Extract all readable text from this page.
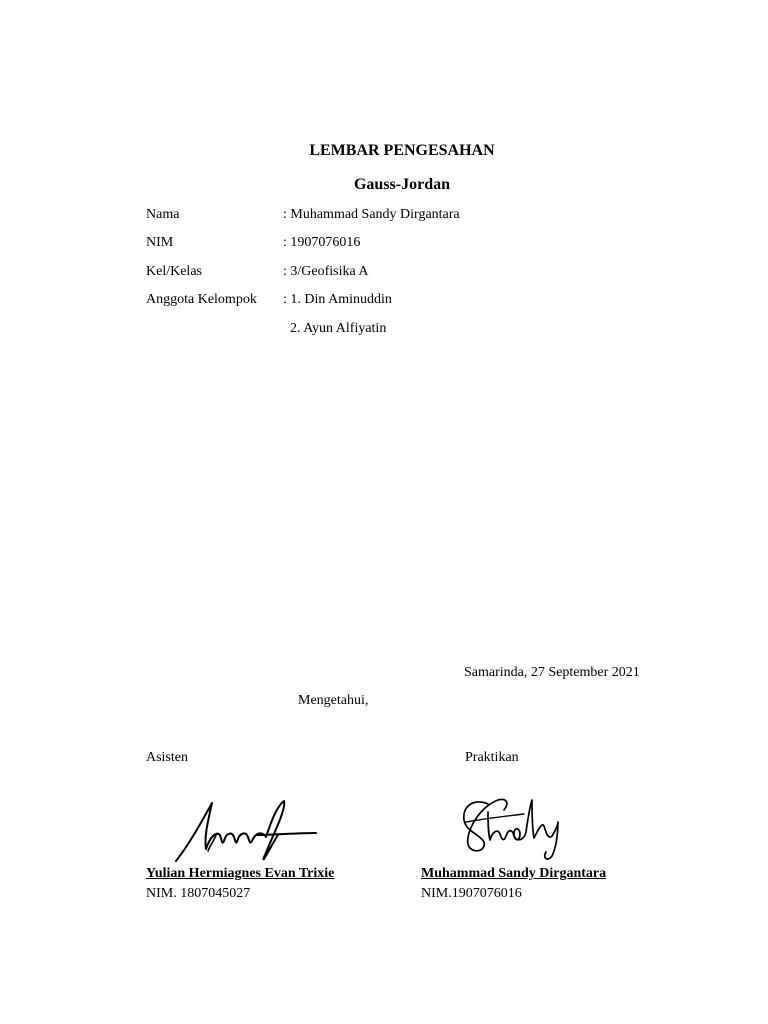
LEMBAR PENGESAHAN
Gauss-Jordan
Nama	: Muhammad Sandy Dirgantara
NIM	: 1907076016
Kel/Kelas	: 3/Geofisika A
Anggota Kelompok : 1. Din Aminuddin
2. Ayun Alfiyatin
Samarinda, 27 September 2021
Mengetahui,
Asisten	Praktikan
Yulian Hermiagnes Evan Trixie
NIM. 1807045027
Muhammad Sandy Dirgantara
NIM.1907076016
